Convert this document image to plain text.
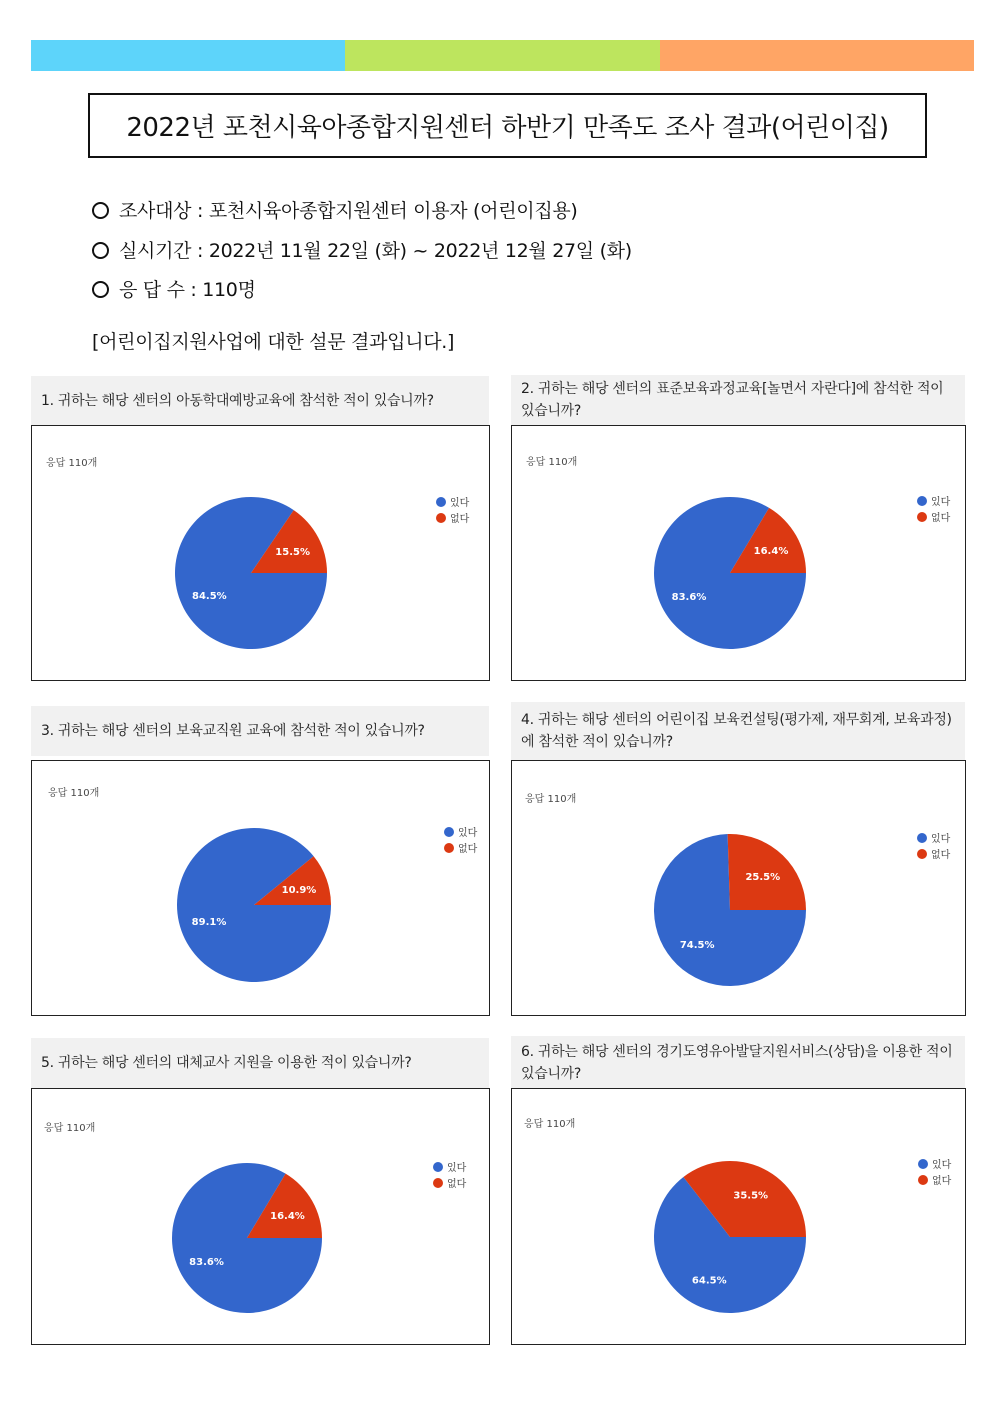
2022년 포천시육아종합지원센터 하반기 만족도 조사 결과(어린이집)
조사대상 : 포천시육아종합지원센터 이용자 (어린이집용)
실시기간 : 2022년 11월 22일 (화) ~ 2022년 12월 27일 (화)
응 답 수 : 110명
[어린이집지원사업에 대한 설문 결과입니다.]
1. 귀하는 해당 센터의 아동학대예방교육에 참석한 적이 있습니까?
응답 110개
15.5%
84.5%
있다
없다
2. 귀하는 해당 센터의 표준보육과정교육[놀면서 자란다]에 참석한 적이 있습니까?
응답 110개
16.4%
83.6%
있다
없다
3. 귀하는 해당 센터의 보육교직원 교육에 참석한 적이 있습니까?
응답 110개
10.9%
89.1%
있다
없다
4. 귀하는 해당 센터의 어린이집 보육컨설팅(평가제, 재무회계, 보육과정)에 참석한 적이 있습니까?
응답 110개
25.5%
74.5%
있다
없다
5. 귀하는 해당 센터의 대체교사 지원을 이용한 적이 있습니까?
응답 110개
16.4%
83.6%
있다
없다
6. 귀하는 해당 센터의 경기도영유아발달지원서비스(상담)을 이용한 적이 있습니까?
응답 110개
35.5%
64.5%
있다
없다
